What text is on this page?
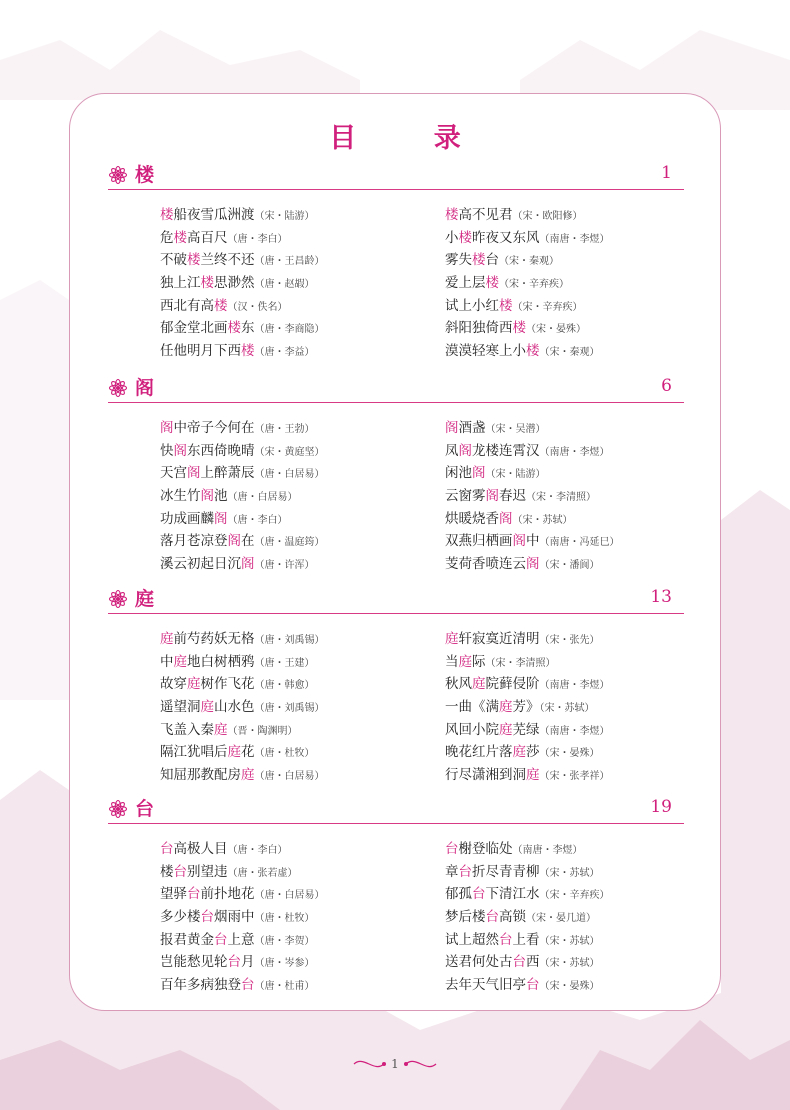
目 录
楼	1
楼船夜雪瓜洲渡（宋・陆游）
危楼高百尺（唐・李白）
不破楼兰终不还（唐・王昌龄）
独上江楼思渺然（唐・赵嘏）
西北有高楼（汉・佚名）
郁金堂北画楼东（唐・李商隐）
任他明月下西楼（唐・李益）
楼高不见君（宋・欧阳修）
小楼昨夜又东风（南唐・李煜）
雾失楼台（宋・秦观）
爱上层楼（宋・辛弃疾）
试上小红楼（宋・辛弃疾）
斜阳独倚西楼（宋・晏殊）
漠漠轻寒上小楼（宋・秦观）
阁	6
阁中帝子今何在（唐・王勃）
快阁东西倚晚晴（宋・黄庭坚）
天宫阁上醉萧辰（唐・白居易）
冰生竹阁池（唐・白居易）
功成画麟阁（唐・李白）
落月苍凉登阁在（唐・温庭筠）
溪云初起日沉阁（唐・许浑）
阁酒盏（宋・吴潜）
凤阁龙楼连霄汉（南唐・李煜）
闲池阁（宋・陆游）
云窗雾阁春迟（宋・李清照）
烘暖烧香阁（宋・苏轼）
双燕归栖画阁中（南唐・冯延巳）
芰荷香喷连云阁（宋・潘阆）
庭	13
庭前芍药妖无格（唐・刘禹锡）
中庭地白树栖鸦（唐・王建）
故穿庭树作飞花（唐・韩愈）
遥望洞庭山水色（唐・刘禹锡）
飞盖入秦庭（晋・陶渊明）
隔江犹唱后庭花（唐・杜牧）
知屈那教配房庭（唐・白居易）
庭轩寂寞近清明（宋・张先）
当庭际（宋・李清照）
秋风庭院藓侵阶（南唐・李煜）
一曲《满庭芳》（宋・苏轼）
风回小院庭芜绿（南唐・李煜）
晚花红片落庭莎（宋・晏殊）
行尽潇湘到洞庭（宋・张孝祥）
台	19
台高极人目（唐・李白）
楼台别望违（唐・张若虚）
望驿台前扑地花（唐・白居易）
多少楼台烟雨中（唐・杜牧）
报君黄金台上意（唐・李贺）
岂能愁见轮台月（唐・岑参）
百年多病独登台（唐・杜甫）
台榭登临处（南唐・李煜）
章台折尽青青柳（宋・苏轼）
郁孤台下清江水（宋・辛弃疾）
梦后楼台高锁（宋・晏几道）
试上超然台上看（宋・苏轼）
送君何处古台西（宋・苏轼）
去年天气旧亭台（宋・晏殊）
1
